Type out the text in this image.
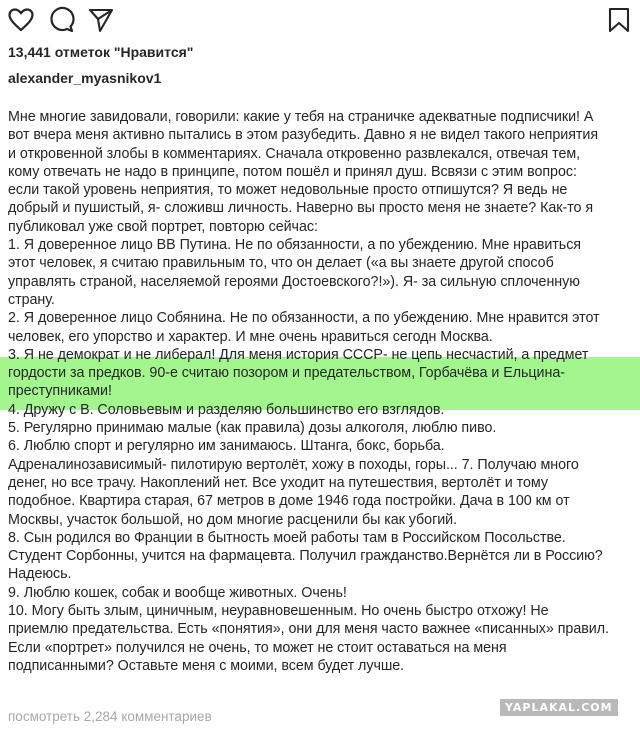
13,441 отметок "Нравится"
alexander_myasnikov1
Мне многие завидовали, говорили: какие у тебя на страничке адекватные подписчики! А
вот вчера меня активно пытались в этом разубедить. Давно я не видел такого неприятия
и откровенной злобы в комментариях. Сначала откровенно развлекался, отвечая тем,
кому отвечать не надо в принципе, потом пошёл и принял душ. Всвязи с этим вопрос:
если такой уровень неприятия, то может недовольные просто отпишутся? Я ведь не
добрый и пушистый, я- сложивш личность. Наверно вы просто меня не знаете? Как-то я
публиковал уже свой портрет, повторю сейчас:
1. Я доверенное лицо ВВ Путина. Не по обязанности, а по убеждению. Мне нравиться
этот человек, я считаю правильным то, что он делает («а вы знаете другой способ
управлять страной, населяемой героями Достоевского?!»). Я- за сильную сплоченную
страну.
2. Я доверенное лицо Собянина. Не по обязанности, а по убеждению. Мне нравится этот
человек, его упорство и характер. И мне очень нравиться сегодн Москва.
3. Я не демократ и не либерал! Для меня история СССР- не цепь несчастий, а предмет
гордости за предков. 90-е считаю позором и предательством, Горбачёва и Ельцина-
преступниками!
4. Дружу с В. Соловьевым и разделяю большинство его взглядов.
5. Регулярно принимаю малые (как правила) дозы алкоголя, люблю пиво.
6. Люблю спорт и регулярно им занимаюсь. Штанга, бокс, борьба.
Адреналинозависимый- пилотирую вертолёт, хожу в походы, горы... 7. Получаю много
денег, но все трачу. Накоплений нет. Все уходит на путешествия, вертолёт и тому
подобное. Квартира старая, 67 метров в доме 1946 года постройки. Дача в 100 км от
Москвы, участок большой, но дом многие расценили бы как убогий.
8. Сын родился во Франции в бытность моей работы там в Российском Посольстве.
Студент Сорбонны, учится на фармацевта. Получил гражданство.Вернётся ли в Россию?
Надеюсь.
9. Люблю кошек, собак и вообще животных. Очень!
10. Могу быть злым, циничным, неуравновешенным. Но очень быстро отхожу! Не
приемлю предательства. Есть «понятия», они для меня часто важнее «писанных» правил.
Если «портрет» получился не очень, то может не стоит оставаться на меня
подписанными? Оставьте меня с моими, всем будет лучше.
посмотреть 2,284 комментариев
YAPLAKAL.COM
